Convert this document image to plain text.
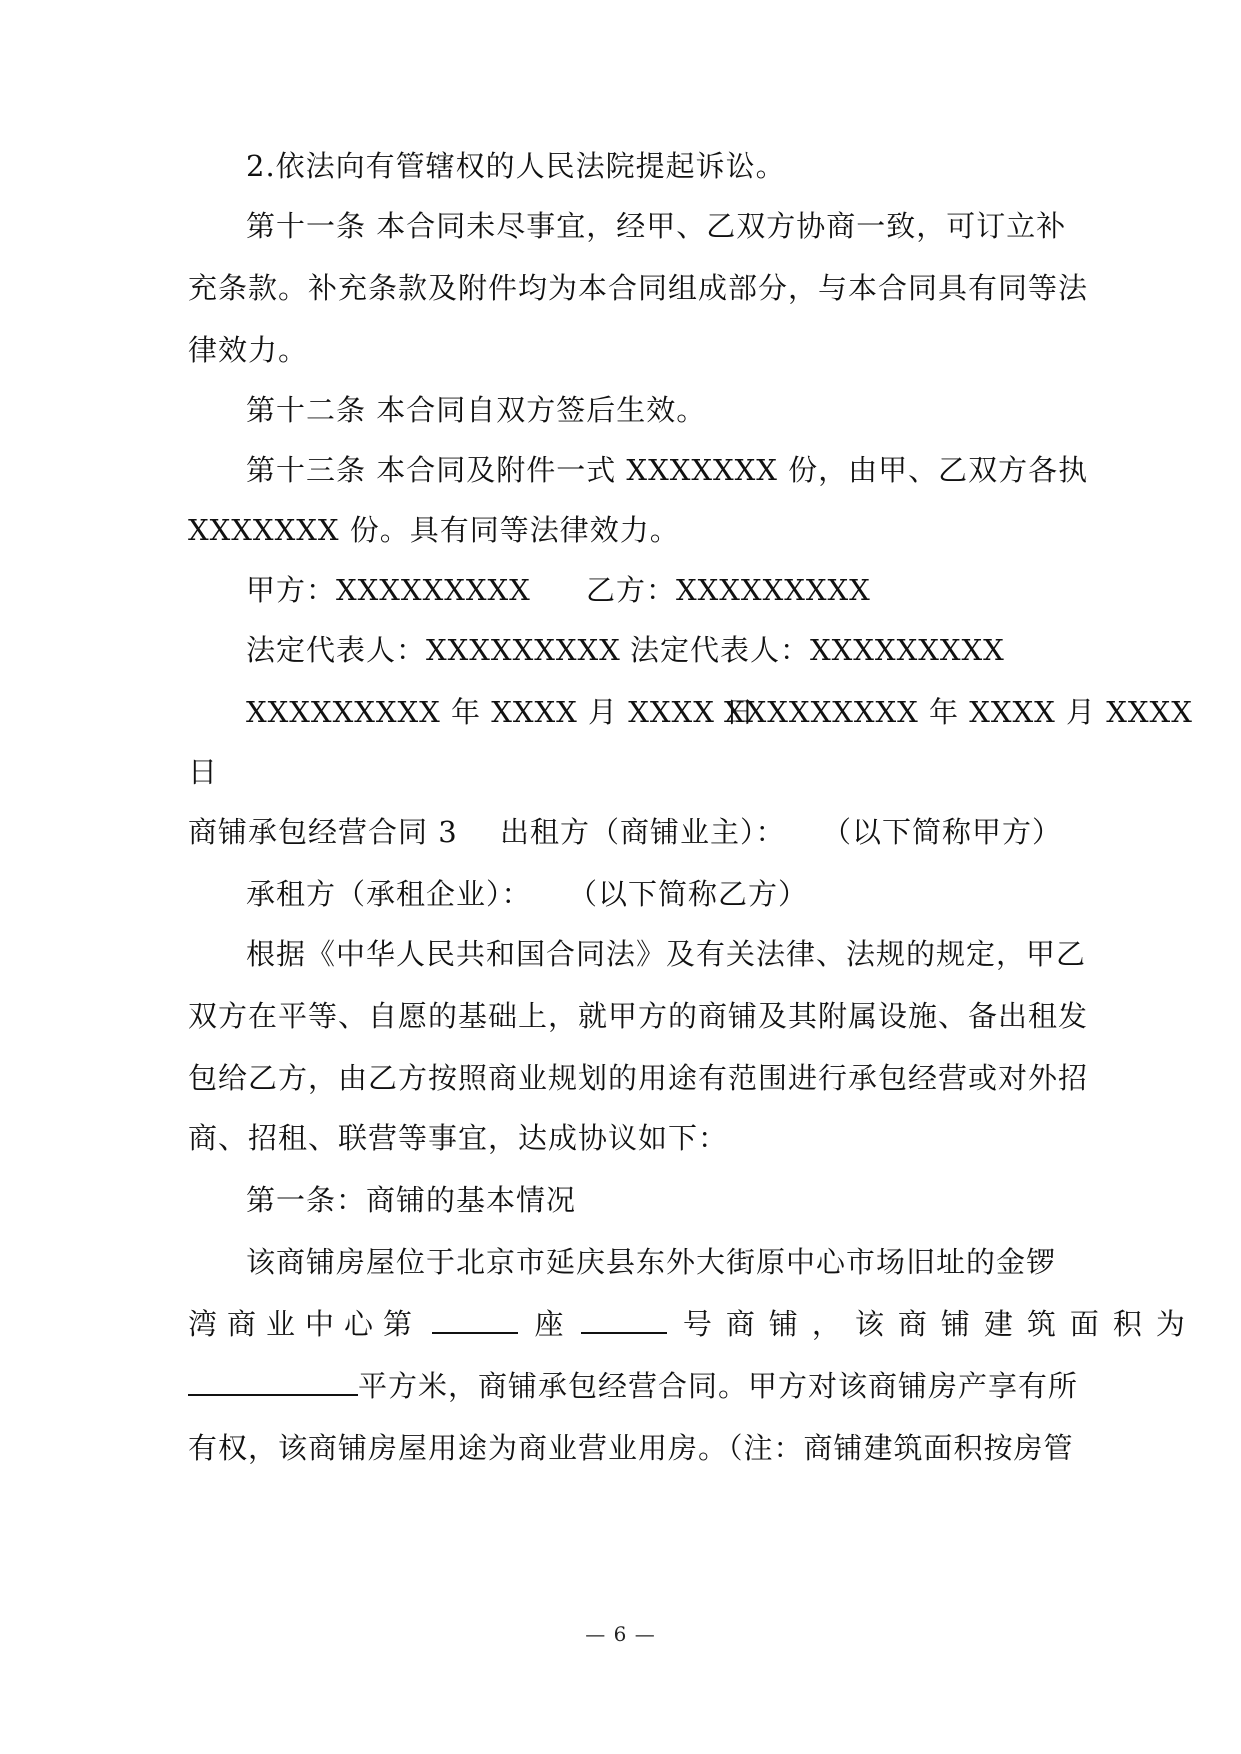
2.依法向有管辖权的人民法院提起诉讼。
第十一条 本合同未尽事宜，经甲、乙双方协商一致，可订立补
充条款。补充条款及附件均为本合同组成部分，与本合同具有同等法
律效力。
第十二条 本合同自双方签后生效。
第十三条 本合同及附件一式 XXXXXXX 份，由甲、乙双方各执
XXXXXXX 份。具有同等法律效力。
甲方：XXXXXXXXX 乙方：XXXXXXXXX
法定代表人：XXXXXXXXX 法定代表人：XXXXXXXXX
XXXXXXXXX 年 XXXX 月 XXXX 日
XXXXXXXXX 年 XXXX 月 XXXX
日
商铺承包经营合同 3 出租方（商铺业主）： （以下简称甲方）
承租方（承租企业）： （以下简称乙方）
根据《中华人民共和国合同法》及有关法律、法规的规定，甲乙
双方在平等、自愿的基础上，就甲方的商铺及其附属设施、备出租发
包给乙方，由乙方按照商业规划的用途有范围进行承包经营或对外招
商、招租、联营等事宜，达成协议如下：
第一条：商铺的基本情况
该商铺房屋位于北京市延庆县东外大街原中心市场旧址的金锣
湾商业中心第	座	号商铺，该商铺建筑面积为
平方米，商铺承包经营合同。甲方对该商铺房产享有所
有权，该商铺房屋用途为商业营业用房。（注：商铺建筑面积按房管
— 6 —
